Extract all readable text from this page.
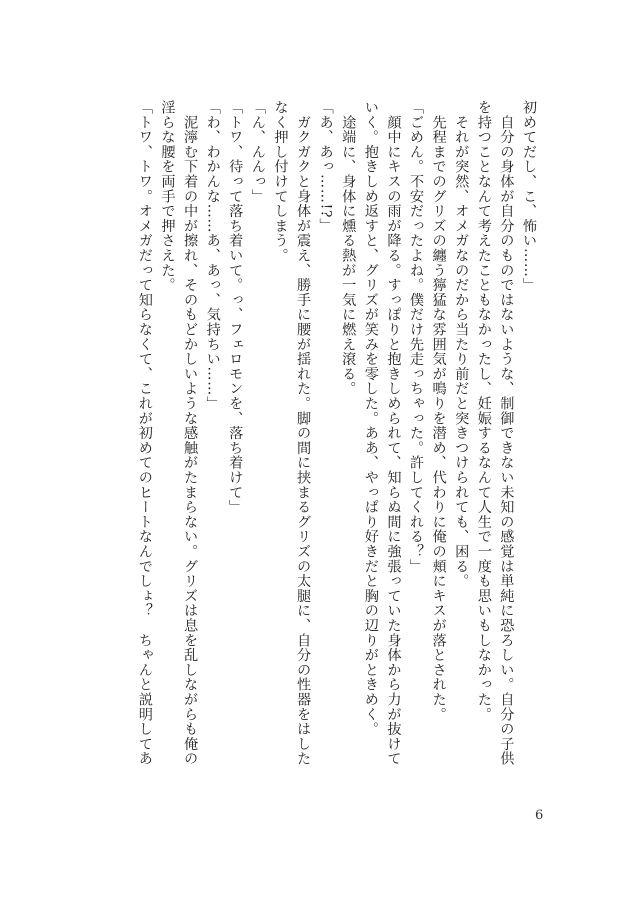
初めてだし、こ、怖い……」

　自分の身体が自分のものではないような、制御できない未知の感覚は単純に恐ろしい。自分の子供

を持つことなんて考えたこともなかったし、妊娠するなんて人生で一度も思いもしなかった。

　それが突然、オメガなのだから当たり前だと突きつけられても、困る。

　先程までのグリズの纏う獰猛な雰囲気が鳴りを潜め、代わりに俺の頬にキスが落とされた。

「ごめん。不安だったよね。僕だけ先走っちゃった。許してくれる？」

　顔中にキスの雨が降る。すっぽりと抱きしめられて、知らぬ間に強張っていた身体から力が抜けて

いく。抱きしめ返すと、グリズが笑みを零した。ああ、やっぱり好きだと胸の辺りがときめく。

　途端に、身体に燻る熱が一気に燃え滾る。

「あ、あっ……!?」

　ガクガクと身体が震え、勝手に腰が揺れた。脚の間に挟まるグリズの太腿に、自分の性器をはした

なく押し付けてしまう。

「ん、んんっ」

「トワ、待って落ち着いて。っ、フェロモンを、落ち着けて」

「わ、わかんな……あ、あっ、気持ちい……」

　泥濘む下着の中が擦れ、そのもどかしいような感触がたまらない。グリズは息を乱しながらも俺の

淫らな腰を両手で押さえた。

「トワ、トワ。オメガだって知らなくて、これが初めてのヒートなんでしょ？　ちゃんと説明してあ

6
